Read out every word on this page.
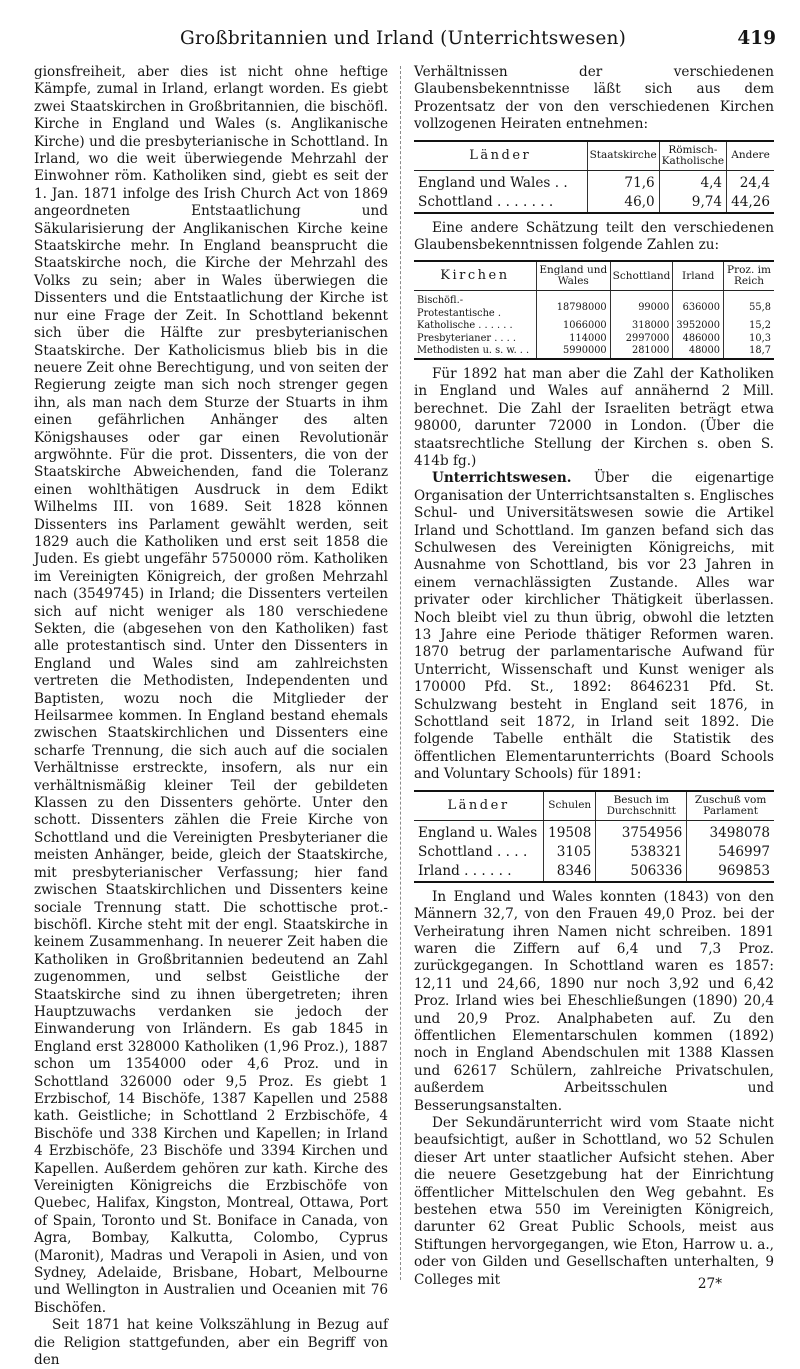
Großbritannien und Irland (Unterrichtswesen)	419

gionsfreiheit, aber dies ist nicht ohne heftige Kämpfe, zumal in Irland, erlangt worden. Es giebt zwei Staatskirchen in Großbritannien, die bischöfl. Kirche in England und Wales (s. Anglikanische Kirche) und die presbyterianische in Schottland. In Irland, wo die weit überwiegende Mehrzahl der Einwohner röm. Katholiken sind, giebt es seit der 1. Jan. 1871 infolge des Irish Church Act von 1869 angeordneten Entstaatlichung und Säkularisierung der Anglikanischen Kirche keine Staatskirche mehr. In England beansprucht die Staatskirche noch, die Kirche der Mehrzahl des Volks zu sein; aber in Wales überwiegen die Dissenters und die Entstaatlichung der Kirche ist nur eine Frage der Zeit. In Schottland bekennt sich über die Hälfte zur presbyterianischen Staatskirche. Der Katholicismus blieb bis in die neuere Zeit ohne Berechtigung, und von seiten der Regierung zeigte man sich noch strenger gegen ihn, als man nach dem Sturze der Stuarts in ihm einen gefährlichen Anhänger des alten Königshauses oder gar einen Revolutionär argwöhnte. Für die prot. Dissenters, die von der Staatskirche Abweichenden, fand die Toleranz einen wohlthätigen Ausdruck in dem Edikt Wilhelms III. von 1689. Seit 1828 können Dissenters ins Parlament gewählt werden, seit 1829 auch die Katholiken und erst seit 1858 die Juden. Es giebt ungefähr 5750000 röm. Katholiken im Vereinigten Königreich, der großen Mehrzahl nach (3549745) in Irland; die Dissenters verteilen sich auf nicht weniger als 180 verschiedene Sekten, die (abgesehen von den Katholiken) fast alle protestantisch sind. Unter den Dissenters in England und Wales sind am zahlreichsten vertreten die Methodisten, Independenten und Baptisten, wozu noch die Mitglieder der Heilsarmee kommen. In England bestand ehemals zwischen Staatskirchlichen und Dissenters eine scharfe Trennung, die sich auch auf die socialen Verhältnisse erstreckte, insofern, als nur ein verhältnismäßig kleiner Teil der gebildeten Klassen zu den Dissenters gehörte. Unter den schott. Dissenters zählen die Freie Kirche von Schottland und die Vereinigten Presbyterianer die meisten Anhänger, beide, gleich der Staatskirche, mit presbyterianischer Verfassung; hier fand zwischen Staatskirchlichen und Dissenters keine sociale Trennung statt. Die schottische prot.-bischöfl. Kirche steht mit der engl. Staatskirche in keinem Zusammenhang. In neuerer Zeit haben die Katholiken in Großbritannien bedeutend an Zahl zugenommen, und selbst Geistliche der Staatskirche sind zu ihnen übergetreten; ihren Hauptzuwachs verdanken sie jedoch der Einwanderung von Irländern. Es gab 1845 in England erst 328000 Katholiken (1,96 Proz.), 1887 schon um 1354000 oder 4,6 Proz. und in Schottland 326000 oder 9,5 Proz. Es giebt 1 Erzbischof, 14 Bischöfe, 1387 Kapellen und 2588 kath. Geistliche; in Schottland 2 Erzbischöfe, 4 Bischöfe und 338 Kirchen und Kapellen; in Irland 4 Erzbischöfe, 23 Bischöfe und 3394 Kirchen und Kapellen. Außerdem gehören zur kath. Kirche des Vereinigten Königreichs die Erzbischöfe von Quebec, Halifax, Kingston, Montreal, Ottawa, Port of Spain, Toronto und St. Boniface in Canada, von Agra, Bombay, Kalkutta, Colombo, Cyprus (Maronit), Madras und Verapoli in Asien, und von Sydney, Adelaide, Brisbane, Hobart, Melbourne und Wellington in Australien und Oceanien mit 76 Bischöfen.

Seit 1871 hat keine Volkszählung in Bezug auf die Religion stattgefunden, aber ein Begriff von den

Verhältnissen der verschiedenen Glaubensbekenntnisse läßt sich aus dem Prozentsatz der von den verschiedenen Kirchen vollzogenen Heiraten entnehmen:

Länder	Staatskirche	Römisch-Katholische	Andere
England und Wales . .	71,6	4,4	24,4
Schottland . . . . . . .	46,0	9,74	44,26

Eine andere Schätzung teilt den verschiedenen Glaubensbekenntnissen folgende Zahlen zu:

Kirchen	England und Wales	Schottland	Irland	Proz. im Reich
Bischöfl.-Protestantische .	18798000	99000	636000	55,8
Katholische . . . . . .	1066000	318000	3952000	15,2
Presbyterianer . . . .	114000	2997000	486000	10,3
Methodisten u. s. w. . .	5990000	281000	48000	18,7

Für 1892 hat man aber die Zahl der Katholiken in England und Wales auf annähernd 2 Mill. berechnet. Die Zahl der Israeliten beträgt etwa 98000, darunter 72000 in London. (Über die staatsrechtliche Stellung der Kirchen s. oben S. 414b fg.)

Unterrichtswesen. Über die eigenartige Organisation der Unterrichtsanstalten s. Englisches Schul- und Universitätswesen sowie die Artikel Irland und Schottland. Im ganzen befand sich das Schulwesen des Vereinigten Königreichs, mit Ausnahme von Schottland, bis vor 23 Jahren in einem vernachlässigten Zustande. Alles war privater oder kirchlicher Thätigkeit überlassen. Noch bleibt viel zu thun übrig, obwohl die letzten 13 Jahre eine Periode thätiger Reformen waren. 1870 betrug der parlamentarische Aufwand für Unterricht, Wissenschaft und Kunst weniger als 170000 Pfd. St., 1892: 8646231 Pfd. St. Schulzwang besteht in England seit 1876, in Schottland seit 1872, in Irland seit 1892. Die folgende Tabelle enthält die Statistik des öffentlichen Elementarunterrichts (Board Schools and Voluntary Schools) für 1891:

Länder	Schulen	Besuch im Durchschnitt	Zuschuß vom Parlament
England u. Wales	19508	3754956	3498078
Schottland . . . .	3105	538321	546997
Irland . . . . . .	8346	506336	969853

In England und Wales konnten (1843) von den Männern 32,7, von den Frauen 49,0 Proz. bei der Verheiratung ihren Namen nicht schreiben. 1891 waren die Ziffern auf 6,4 und 7,3 Proz. zurückgegangen. In Schottland waren es 1857: 12,11 und 24,66, 1890 nur noch 3,92 und 6,42 Proz. Irland wies bei Eheschließungen (1890) 20,4 und 20,9 Proz. Analphabeten auf. Zu den öffentlichen Elementarschulen kommen (1892) noch in England Abendschulen mit 1388 Klassen und 62617 Schülern, zahlreiche Privatschulen, außerdem Arbeitsschulen und Besserungsanstalten.

Der Sekundärunterricht wird vom Staate nicht beaufsichtigt, außer in Schottland, wo 52 Schulen dieser Art unter staatlicher Aufsicht stehen. Aber die neuere Gesetzgebung hat der Einrichtung öffentlicher Mittelschulen den Weg gebahnt. Es bestehen etwa 550 im Vereinigten Königreich, darunter 62 Great Public Schools, meist aus Stiftungen hervorgegangen, wie Eton, Harrow u. a., oder von Gilden und Gesellschaften unterhalten, 9 Colleges mit	27*
